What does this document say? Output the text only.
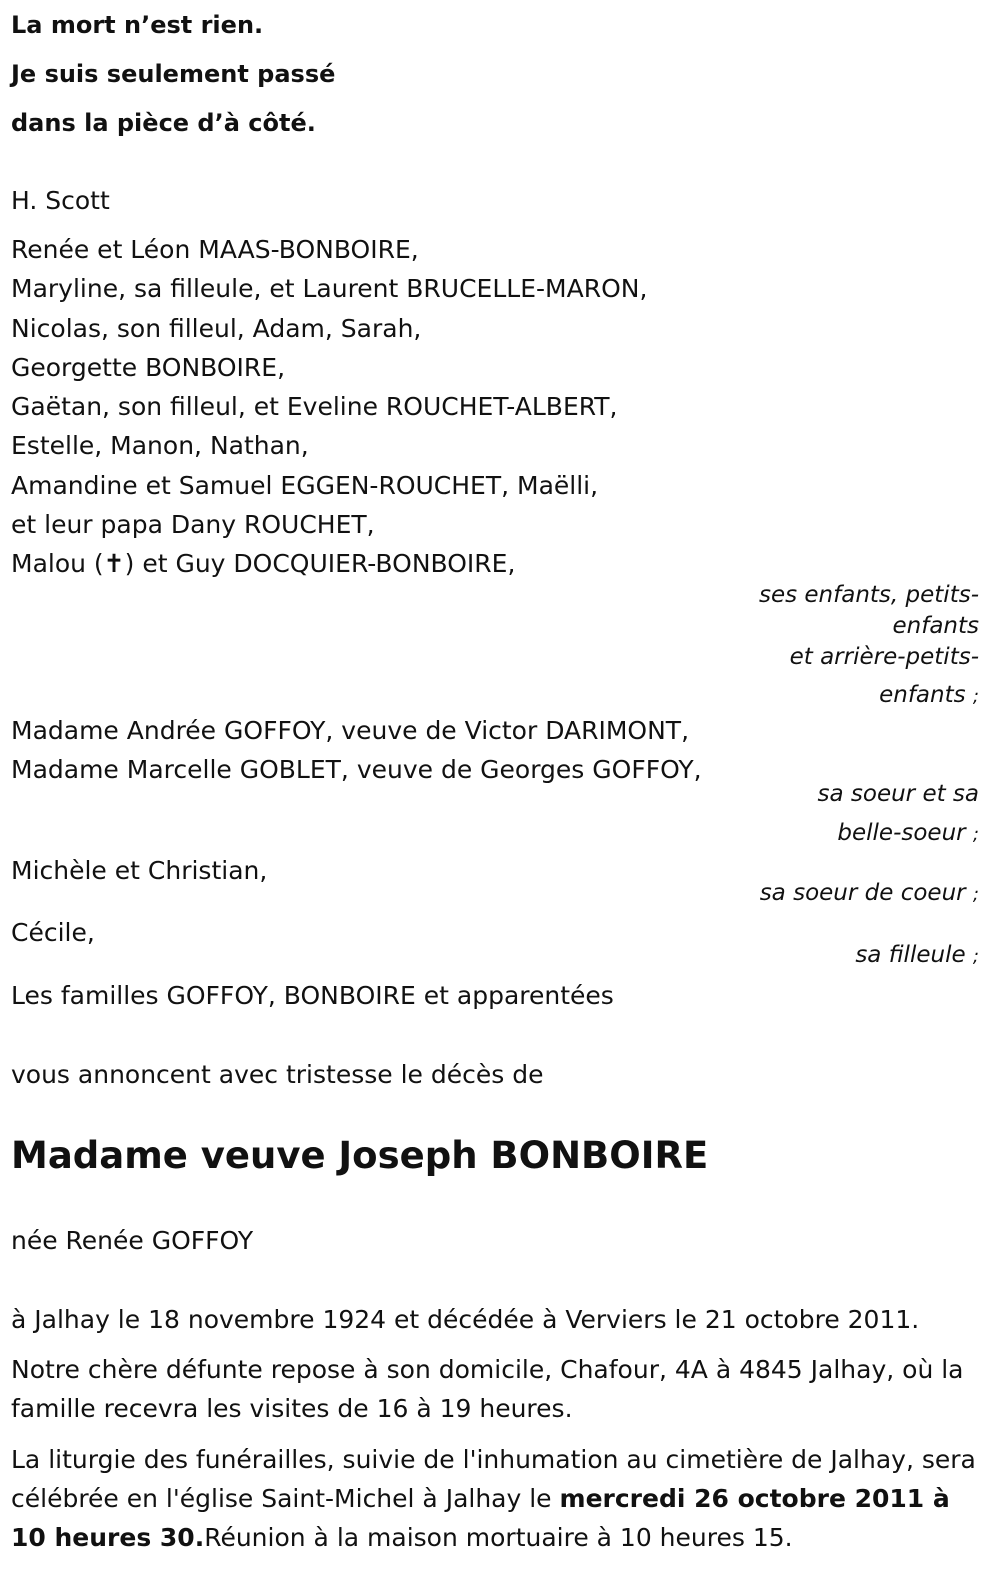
La mort n’est rien.
Je suis seulement passé
dans la pièce d’à côté.
H. Scott
Renée et Léon MAAS-BONBOIRE,
Maryline, sa filleule, et Laurent BRUCELLE-MARON,
Nicolas, son filleul, Adam, Sarah,
Georgette BONBOIRE,
Gaëtan, son filleul, et Eveline ROUCHET-ALBERT,
Estelle, Manon, Nathan,
Amandine et Samuel EGGEN-ROUCHET, Maëlli,
et leur papa Dany ROUCHET,
Malou (✝) et Guy DOCQUIER-BONBOIRE,
ses enfants, petits-
enfants
et arrière-petits-
enfants ;
Madame Andrée GOFFOY, veuve de Victor DARIMONT,
Madame Marcelle GOBLET, veuve de Georges GOFFOY,
sa soeur et sa
belle-soeur ;
Michèle et Christian,
sa soeur de coeur ;
Cécile,
sa filleule ;
Les familles GOFFOY, BONBOIRE et apparentées
vous annoncent avec tristesse le décès de
Madame veuve Joseph BONBOIRE
née Renée GOFFOY
à Jalhay le 18 novembre 1924 et décédée à Verviers le 21 octobre 2011.
Notre chère défunte repose à son domicile, Chafour, 4A à 4845 Jalhay, où la famille recevra les visites de 16 à 19 heures.
La liturgie des funérailles, suivie de l'inhumation au cimetière de Jalhay, sera célébrée en l'église Saint-Michel à Jalhay le mercredi 26 octobre 2011 à 10 heures 30.Réunion à la maison mortuaire à 10 heures 15.
